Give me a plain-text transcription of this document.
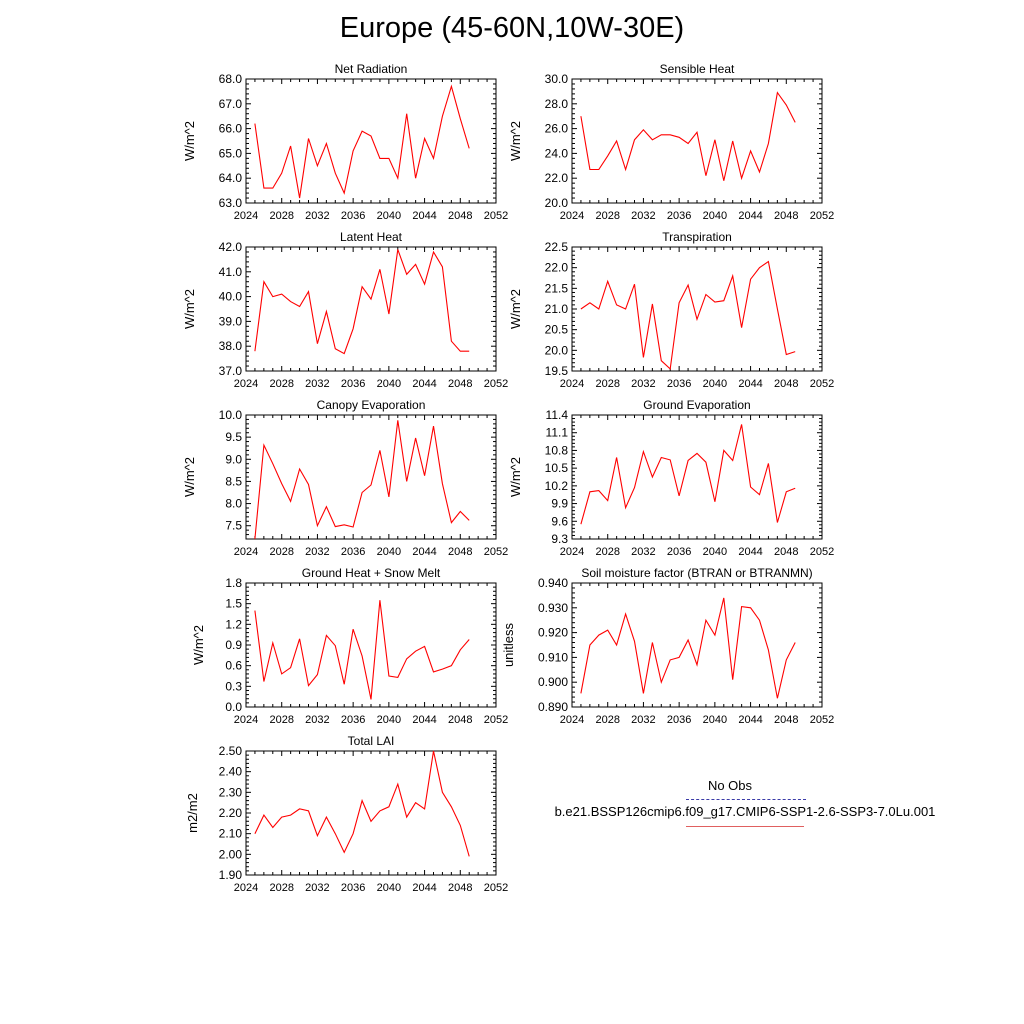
Europe (45-60N,10W-30E)
2024 2028 2032 2036 2040 2044 2048 2052
63.0
64.0
65.0
66.0
67.0
68.0
Net Radiation
W/m^2
2024 2028 2032 2036 2040 2044 2048 2052
20.0
22.0
24.0
26.0
28.0
30.0
Sensible Heat
W/m^2
2024 2028 2032 2036 2040 2044 2048 2052
37.0
38.0
39.0
40.0
41.0
42.0
Latent Heat
W/m^2
2024 2028 2032 2036 2040 2044 2048 2052
19.5
20.0
20.5
21.0
21.5
22.0
22.5
Transpiration
W/m^2
2024 2028 2032 2036 2040 2044 2048 2052
7.5
8.0
8.5
9.0
9.5
10.0
Canopy Evaporation
W/m^2
2024 2028 2032 2036 2040 2044 2048 2052
9.3
9.6
9.9
10.2
10.5
10.8
11.1
11.4
Ground Evaporation
W/m^2
2024 2028 2032 2036 2040 2044 2048 2052
0.0
0.3
0.6
0.9
1.2
1.5
1.8
Ground Heat + Snow Melt
W/m^2
2024 2028 2032 2036 2040 2044 2048 2052
0.890
0.900
0.910
0.920
0.930
0.940
Soil moisture factor (BTRAN or BTRANMN)
unitless
2024 2028 2032 2036 2040 2044 2048 2052
1.90
2.00
2.10
2.20
2.30
2.40
2.50
Total LAI
m2/m2
No Obs
b.e21.BSSP126cmip6.f09_g17.CMIP6-SSP1-2.6-SSP3-7.0Lu.001
